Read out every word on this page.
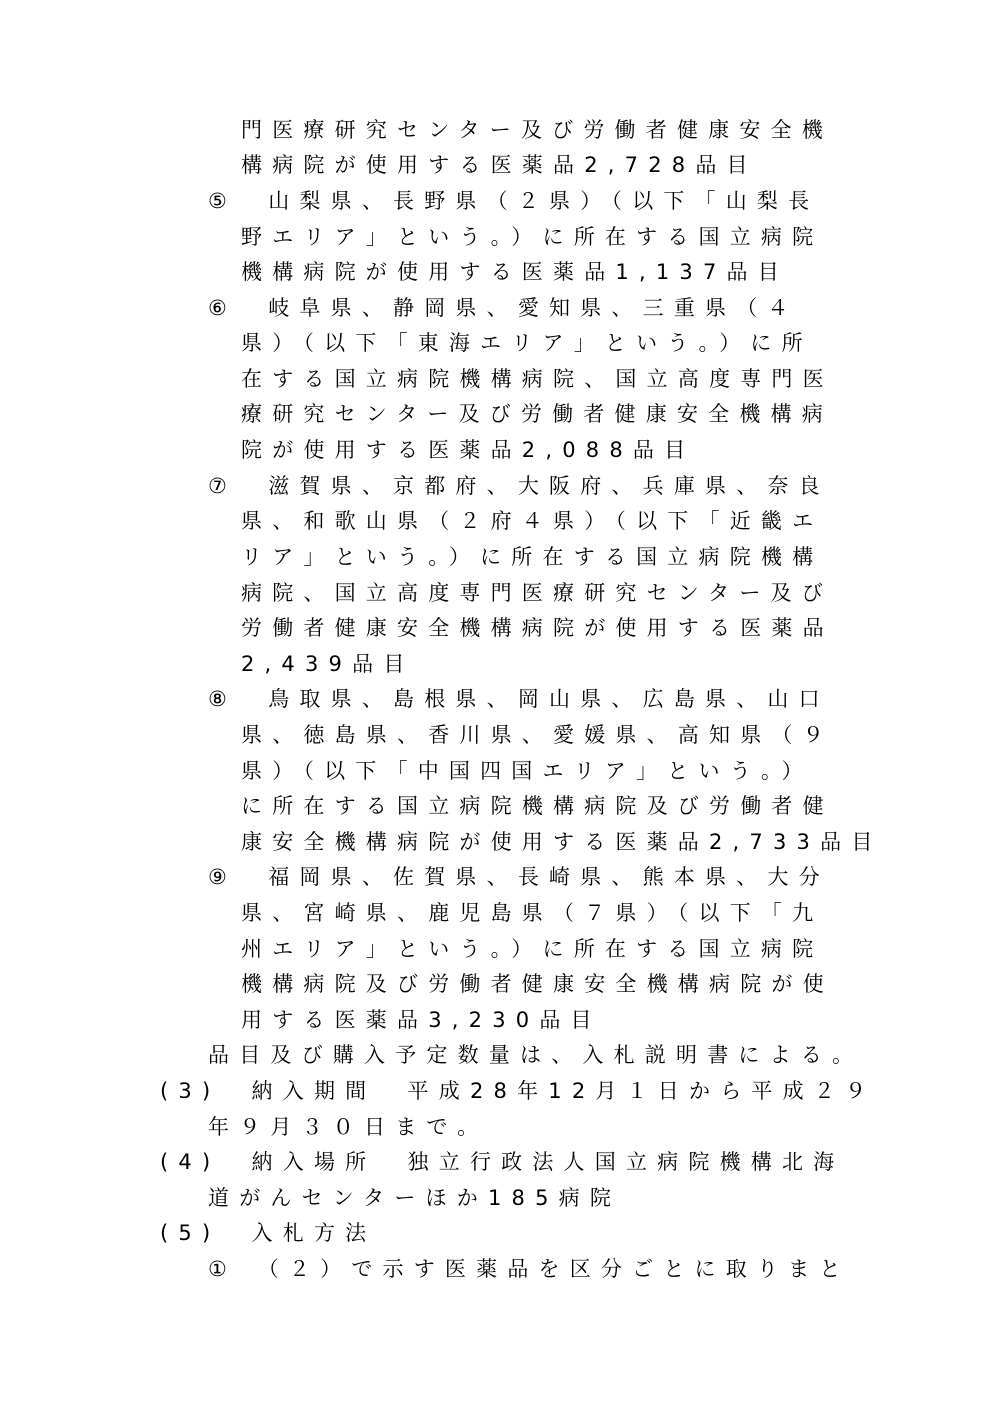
門医療研究センター及び労働者健康安全機
構病院が使用する医薬品2,728品目
⑤　山梨県、長野県（２県）（以下「山梨長
野エリア」という。）に所在する国立病院
機構病院が使用する医薬品1,137品目
⑥　岐阜県、静岡県、愛知県、三重県（４
県）（以下「東海エリア」という。）に所
在する国立病院機構病院、国立高度専門医
療研究センター及び労働者健康安全機構病
院が使用する医薬品2,088品目
⑦　滋賀県、京都府、大阪府、兵庫県、奈良
県、和歌山県（２府４県）（以下「近畿エ
リア」という。）に所在する国立病院機構
病院、国立高度専門医療研究センター及び
労働者健康安全機構病院が使用する医薬品
2,439品目
⑧　鳥取県、島根県、岡山県、広島県、山口
県、徳島県、香川県、愛媛県、高知県（９
県）（以下「中国四国エリア」という。）
に所在する国立病院機構病院及び労働者健
康安全機構病院が使用する医薬品2,733品目
⑨　福岡県、佐賀県、長崎県、熊本県、大分
県、宮崎県、鹿児島県（７県）（以下「九
州エリア」という。）に所在する国立病院
機構病院及び労働者健康安全機構病院が使
用する医薬品3,230品目
品目及び購入予定数量は、入札説明書による。
(3)　納入期間　平成28年12月１日から平成２９
年９月３０日まで。
(4)　納入場所　独立行政法人国立病院機構北海
道がんセンターほか185病院
(5)　入札方法
①　（２）で示す医薬品を区分ごとに取りまと
